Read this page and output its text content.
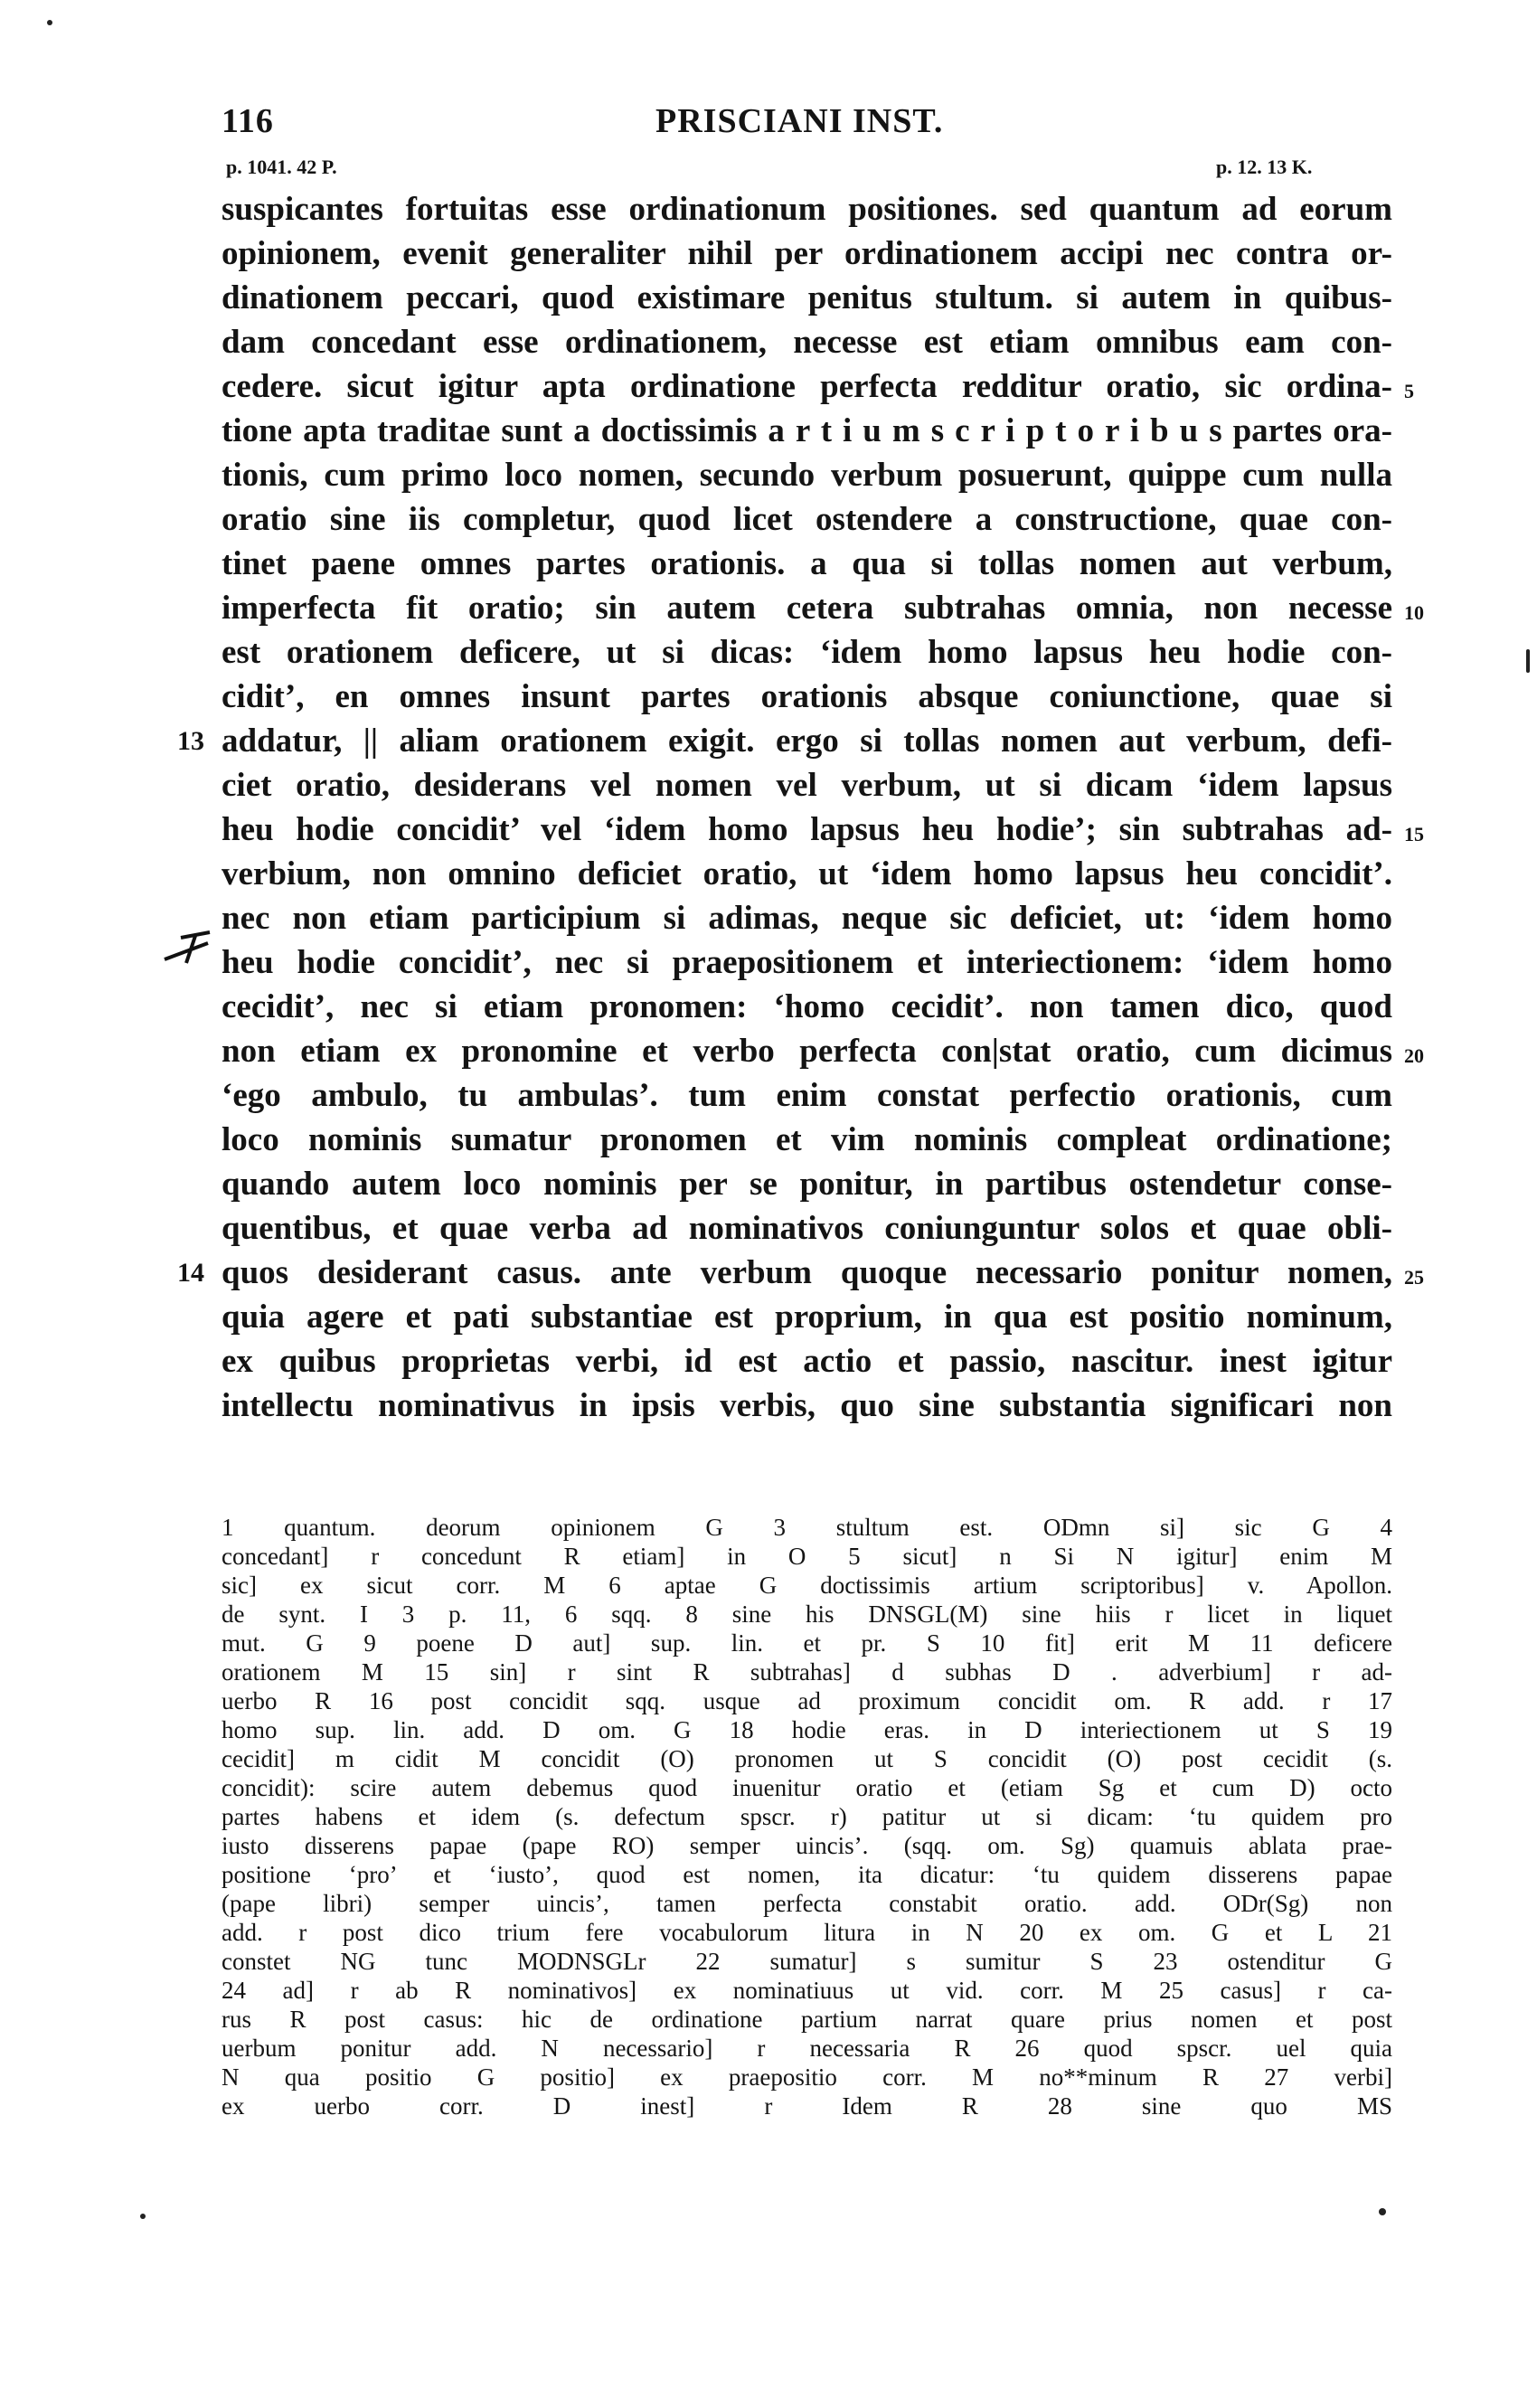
116	PRISCIANI INST.
p. 1041. 42 P.	p. 12. 13 K.
suspicantes fortuitas esse ordinationum positiones. sed quantum ad eorum
opinionem, evenit generaliter nihil per ordinationem accipi nec contra or-
dinationem peccari, quod existimare penitus stultum. si autem in quibus-
dam concedant esse ordinationem, necesse est etiam omnibus eam con-
cedere. sicut igitur apta ordinatione perfecta redditur oratio, sic ordina-
tione apta traditae sunt a doctissimis a r t i u m s c r i p t o r i b u s partes ora-
tionis, cum primo loco nomen, secundo verbum posuerunt, quippe cum nulla
oratio sine iis completur, quod licet ostendere a constructione, quae con-
tinet paene omnes partes orationis. a qua si tollas nomen aut verbum,
imperfecta fit oratio; sin autem cetera subtrahas omnia, non necesse
est orationem deficere, ut si dicas: ‘idem homo lapsus heu hodie con-
cidit’, en omnes insunt partes orationis absque coniunctione, quae si
addatur, || aliam orationem exigit. ergo si tollas nomen aut verbum, defi-
ciet oratio, desiderans vel nomen vel verbum, ut si dicam ‘idem lapsus
heu hodie concidit’ vel ‘idem homo lapsus heu hodie’; sin subtrahas ad-
verbium, non omnino deficiet oratio, ut ‘idem homo lapsus heu concidit’.
nec non etiam participium si adimas, neque sic deficiet, ut: ‘idem homo
heu hodie concidit’, nec si praepositionem et interiectionem: ‘idem homo
cecidit’, nec si etiam pronomen: ‘homo cecidit’. non tamen dico, quod
non etiam ex pronomine et verbo perfecta con|stat oratio, cum dicimus
‘ego ambulo, tu ambulas’. tum enim constat perfectio orationis, cum
loco nominis sumatur pronomen et vim nominis compleat ordinatione;
quando autem loco nominis per se ponitur, in partibus ostendetur conse-
quentibus, et quae verba ad nominativos coniunguntur solos et quae obli-
quos desiderant casus. ante verbum quoque necessario ponitur nomen,
quia agere et pati substantiae est proprium, in qua est positio nominum,
ex quibus proprietas verbi, id est actio et passio, nascitur. inest igitur
intellectu nominativus in ipsis verbis, quo sine substantia significari non
5
10
15
20
25
13
14
1 quantum. deorum opinionem G 3 stultum est. ODmn si] sic G 4
concedant] r concedunt R etiam] in O 5 sicut] n Si N igitur] enim M
sic] ex sicut corr. M 6 aptae G doctissimis artium scriptoribus] v. Apollon.
de synt. I 3 p. 11, 6 sqq. 8 sine his DNSGL(M) sine hiis r licet in liquet
mut. G 9 poene D aut] sup. lin. et pr. S 10 fit] erit M 11 deficere
orationem M 15 sin] r sint R subtrahas] d subhas D . adverbium] r ad-
uerbo R 16 post concidit sqq. usque ad proximum concidit om. R add. r 17
homo sup. lin. add. D om. G 18 hodie eras. in D interiectionem ut S 19
cecidit] m cidit M concidit (O) pronomen ut S concidit (O) post cecidit (s.
concidit): scire autem debemus quod inuenitur oratio et (etiam Sg et cum D) octo
partes habens et idem (s. defectum spscr. r) patitur ut si dicam: ‘tu quidem pro
iusto disserens papae (pape RO) semper uincis’. (sqq. om. Sg) quamuis ablata prae-
positione ‘pro’ et ‘iusto’, quod est nomen, ita dicatur: ‘tu quidem disserens papae
(pape libri) semper uincis’, tamen perfecta constabit oratio. add. ODr(Sg) non
add. r post dico trium fere vocabulorum litura in N 20 ex om. G et L 21
constet NG tunc MODNSGLr 22 sumatur] s sumitur S 23 ostenditur G
24 ad] r ab R nominativos] ex nominatiuus ut vid. corr. M 25 casus] r ca-
rus R post casus: hic de ordinatione partium narrat quare prius nomen et post
uerbum ponitur add. N necessario] r necessaria R 26 quod spscr. uel quia
N qua positio G positio] ex praepositio corr. M no**minum R 27 verbi]
ex uerbo corr. D inest] r Idem R 28 sine quo MS
